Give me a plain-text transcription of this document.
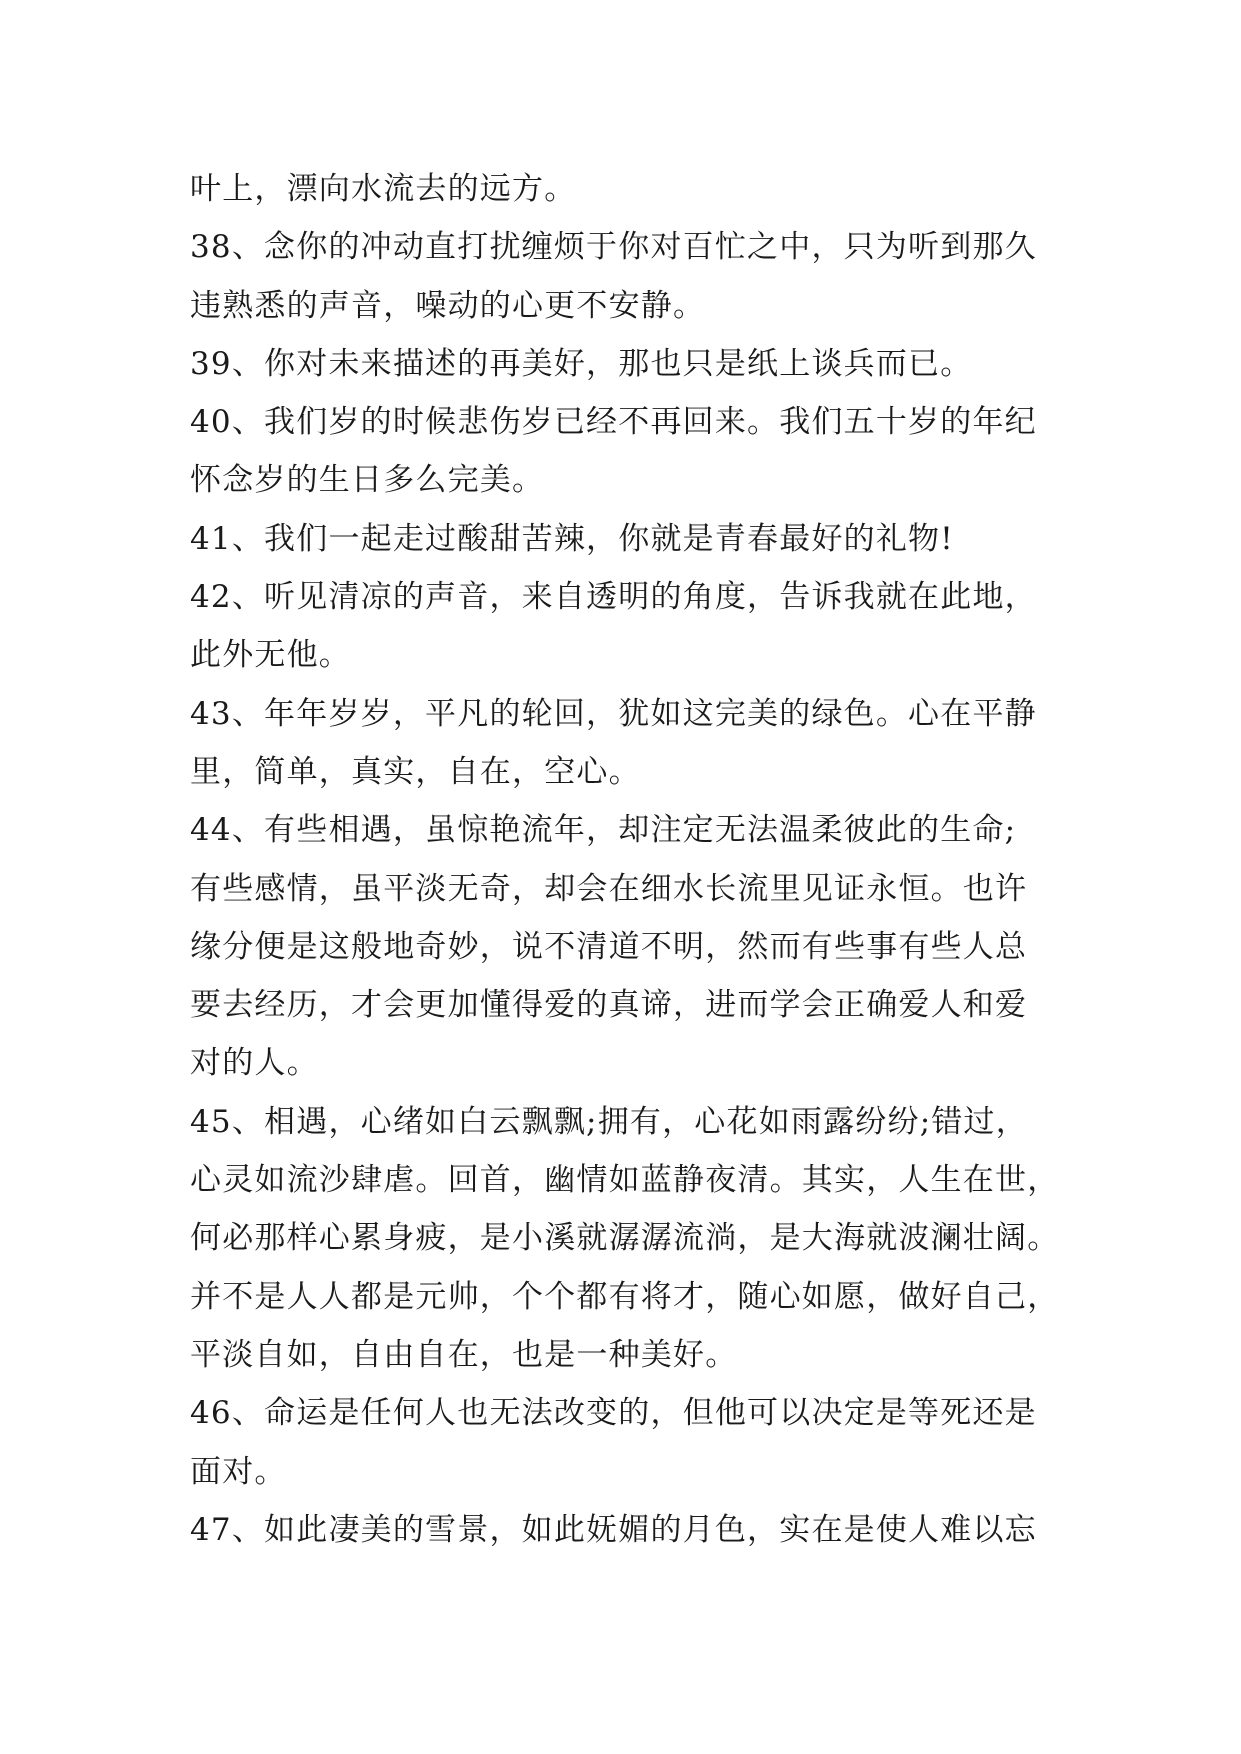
叶上，漂向水流去的远方。
38、念你的冲动直打扰缠烦于你对百忙之中，只为听到那久
违熟悉的声音，噪动的心更不安静。
39、你对未来描述的再美好，那也只是纸上谈兵而已。
40、我们岁的时候悲伤岁已经不再回来。我们五十岁的年纪
怀念岁的生日多么完美。
41、我们一起走过酸甜苦辣，你就是青春最好的礼物!
42、听见清凉的声音，来自透明的角度，告诉我就在此地，
此外无他。
43、年年岁岁，平凡的轮回，犹如这完美的绿色。心在平静
里，简单，真实，自在，空心。
44、有些相遇，虽惊艳流年，却注定无法温柔彼此的生命;
有些感情，虽平淡无奇，却会在细水长流里见证永恒。也许
缘分便是这般地奇妙，说不清道不明，然而有些事有些人总
要去经历，才会更加懂得爱的真谛，进而学会正确爱人和爱
对的人。
45、相遇，心绪如白云飘飘;拥有，心花如雨露纷纷;错过，
心灵如流沙肆虐。回首，幽情如蓝静夜清。其实，人生在世，
何必那样心累身疲，是小溪就潺潺流淌，是大海就波澜壮阔。
并不是人人都是元帅，个个都有将才，随心如愿，做好自己，
平淡自如，自由自在，也是一种美好。
46、命运是任何人也无法改变的，但他可以决定是等死还是
面对。
47、如此凄美的雪景，如此妩媚的月色，实在是使人难以忘
